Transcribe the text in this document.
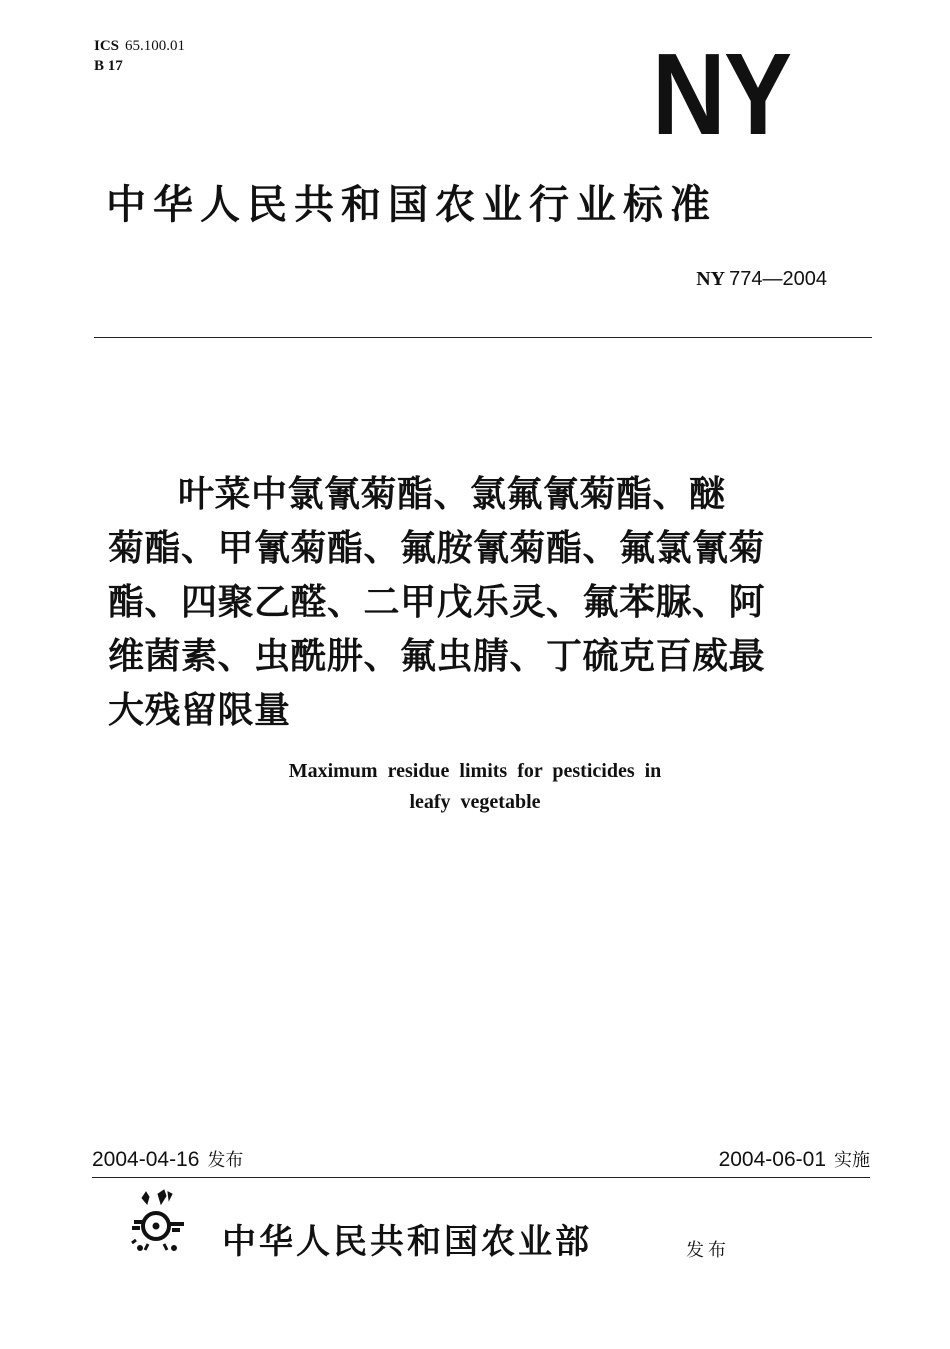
ICS 65.100.01
B 17	NY
中华人民共和国农业行业标准
NY 774—2004
叶菜中氯氰菊酯、氯氟氰菊酯、醚
菊酯、甲氰菊酯、氟胺氰菊酯、氟氯氰菊
酯、四聚乙醛、二甲戊乐灵、氟苯脲、阿
维菌素、虫酰肼、氟虫腈、丁硫克百威最
大残留限量
Maximum residue limits for pesticides in
leafy vegetable
2004-04-16 发布	2004-06-01 实施
中华人民共和国农业部	发布
